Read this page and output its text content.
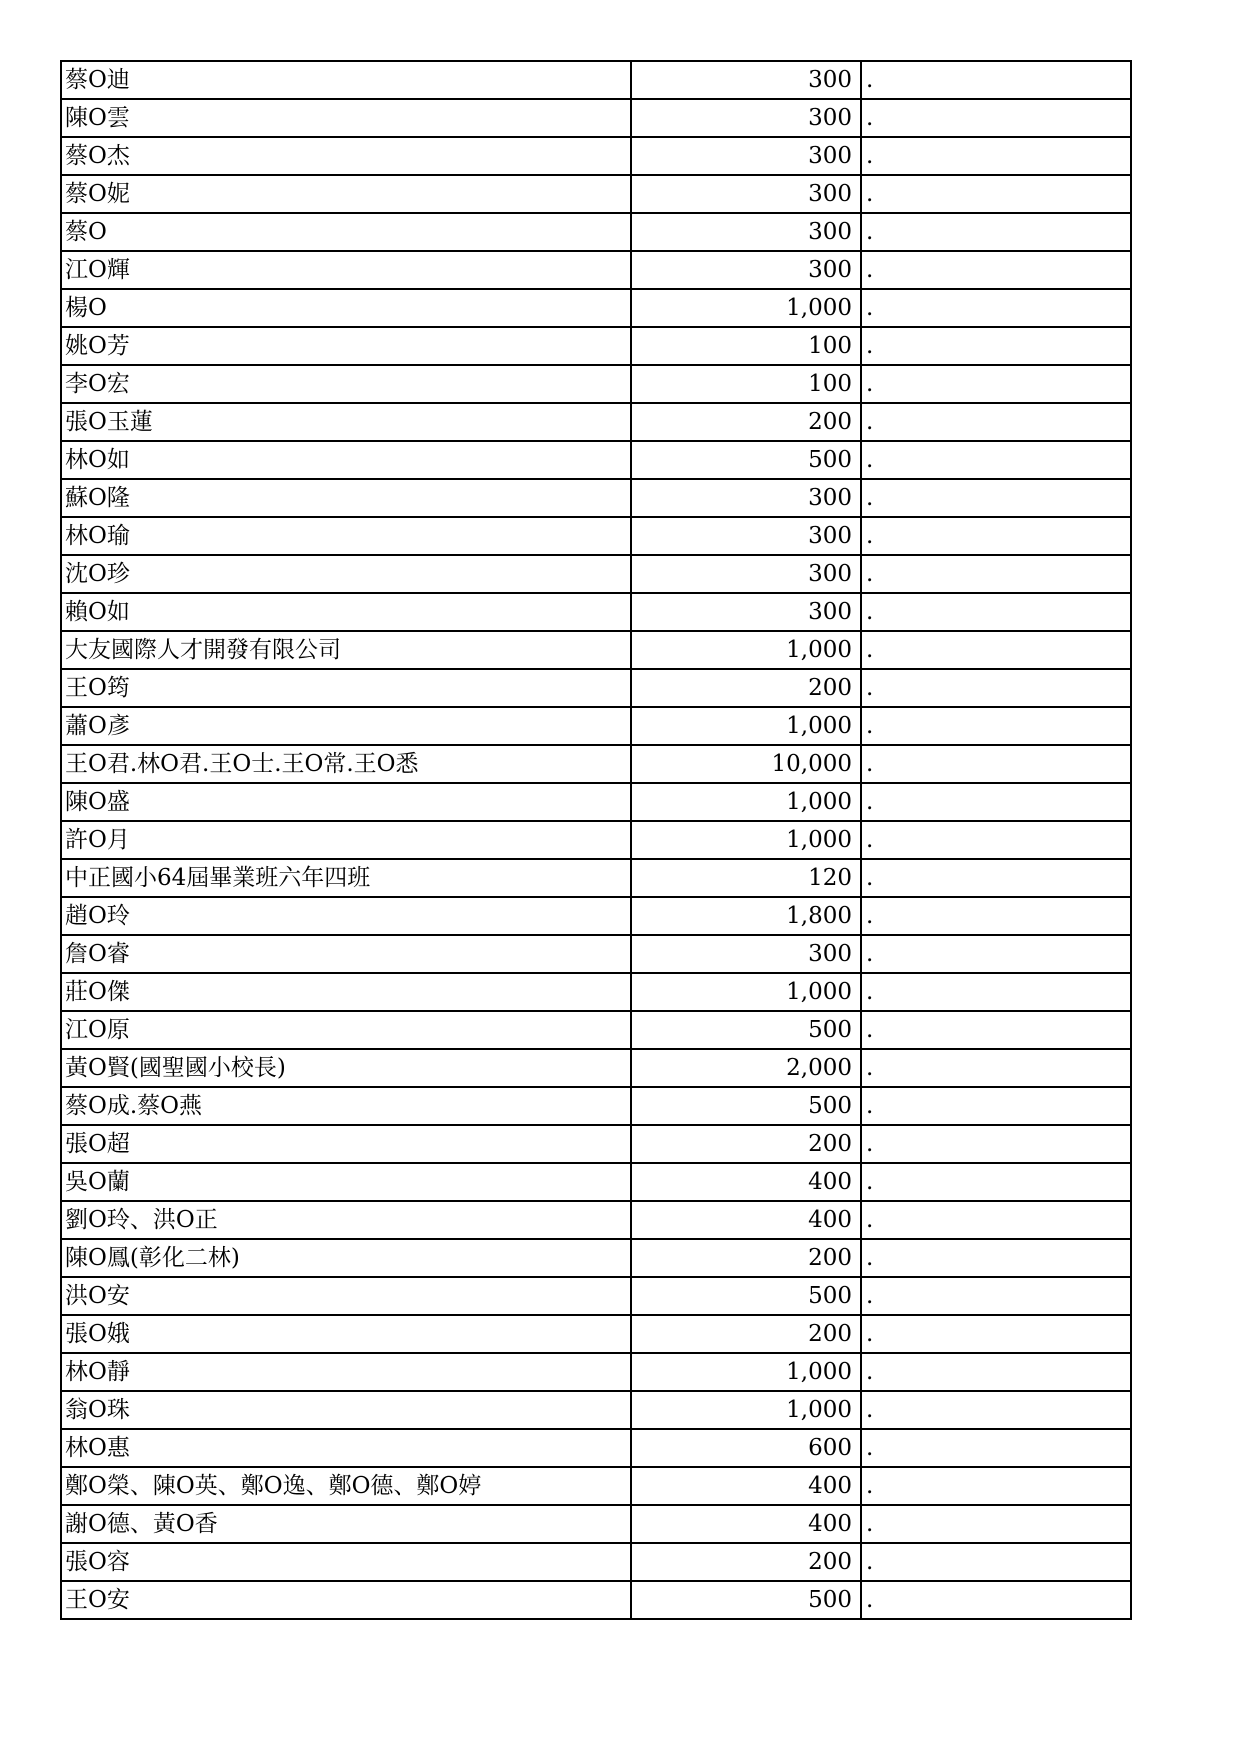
蔡O迪	300	.
陳O雲	300	.
蔡O杰	300	.
蔡O妮	300	.
蔡O	300	.
江O輝	300	.
楊O	1,000	.
姚O芳	100	.
李O宏	100	.
張O玉蓮	200	.
林O如	500	.
蘇O隆	300	.
林O瑜	300	.
沈O珍	300	.
賴O如	300	.
大友國際人才開發有限公司	1,000	.
王O筠	200	.
蕭O彥	1,000	.
王O君.林O君.王O士.王O常.王O悉	10,000	.
陳O盛	1,000	.
許O月	1,000	.
中正國小64屆畢業班六年四班	120	.
趙O玲	1,800	.
詹O睿	300	.
莊O傑	1,000	.
江O原	500	.
黃O賢(國聖國小校長)	2,000	.
蔡O成.蔡O燕	500	.
張O超	200	.
吳O蘭	400	.
劉O玲、洪O正	400	.
陳O鳳(彰化二林)	200	.
洪O安	500	.
張O娥	200	.
林O靜	1,000	.
翁O珠	1,000	.
林O惠	600	.
鄭O榮、陳O英、鄭O逸、鄭O德、鄭O婷	400	.
謝O德、黃O香	400	.
張O容	200	.
王O安	500	.
